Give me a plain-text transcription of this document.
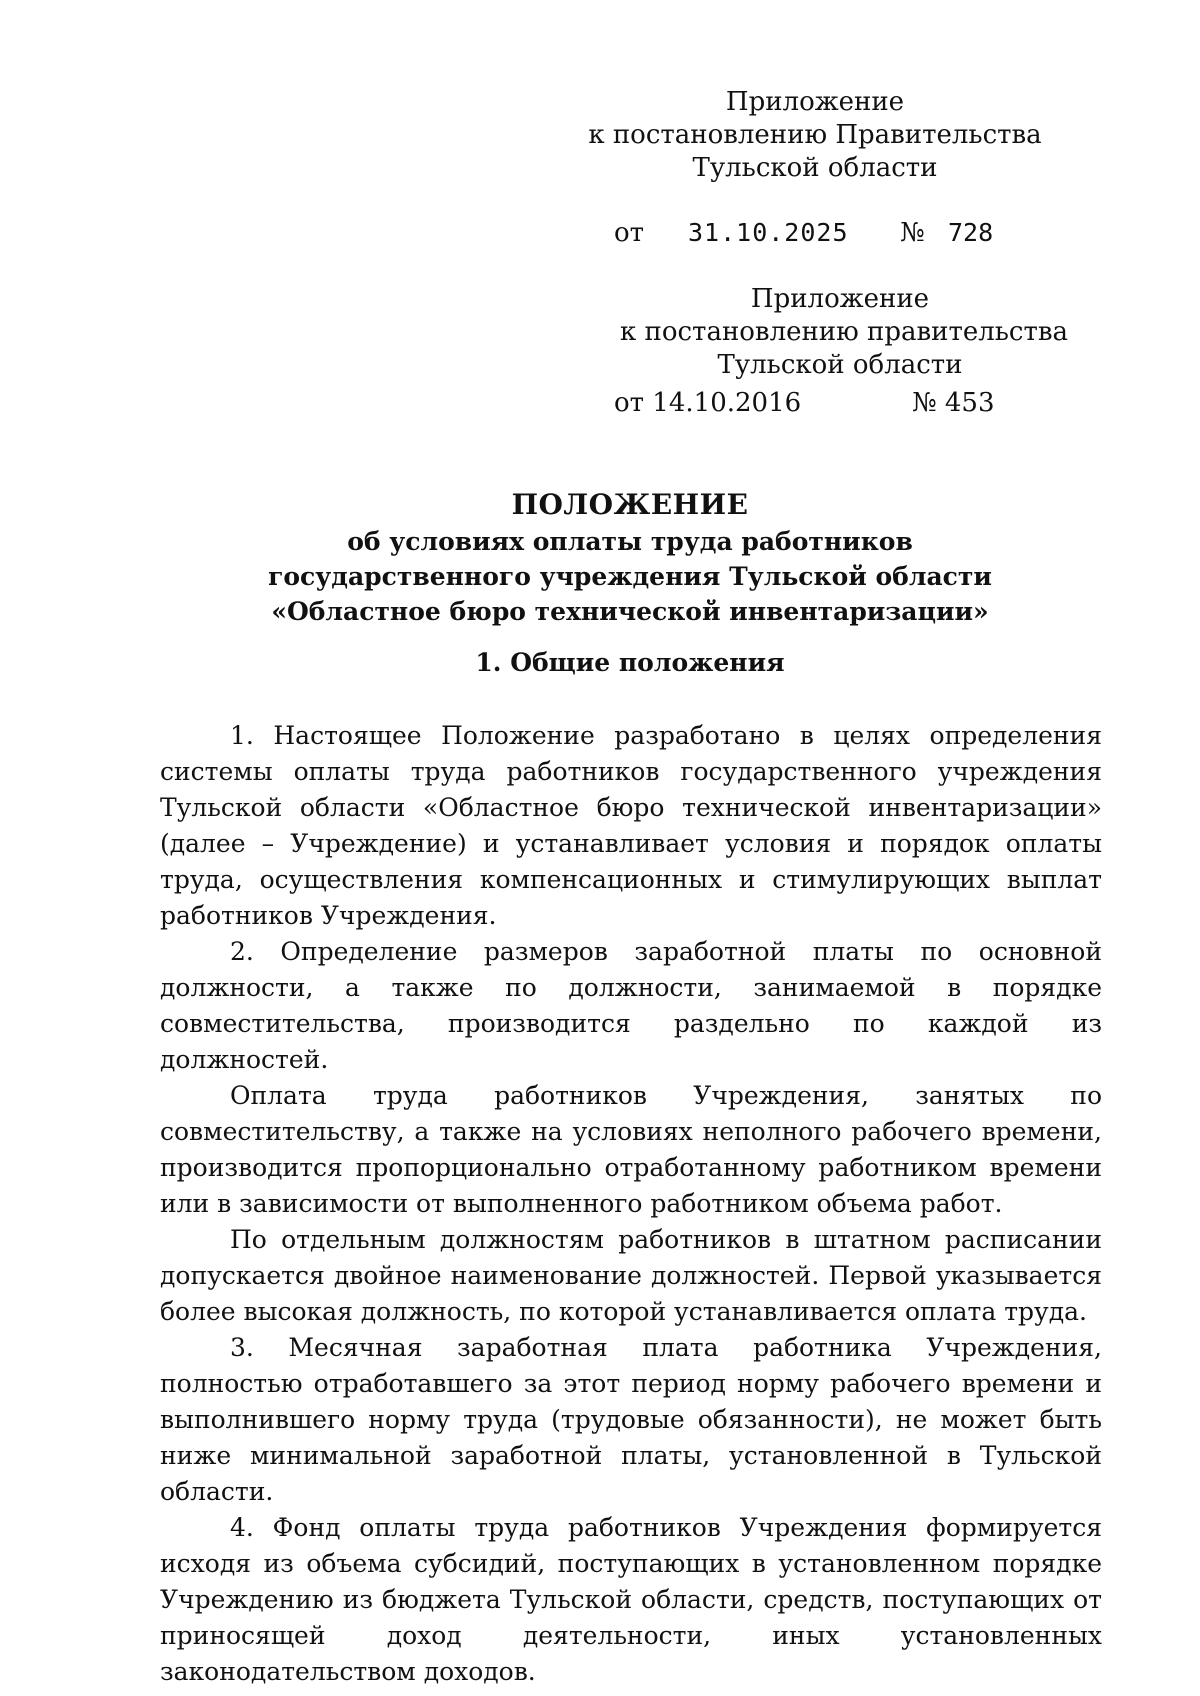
Приложение
к постановлению Правительства
Тульской области
от 31.10.2025 № 728
Приложение
к постановлению правительства
Тульской области
от 14.10.2016	№ 453
ПОЛОЖЕНИЕ
об условиях оплаты труда работников
государственного учреждения Тульской области
«Областное бюро технической инвентаризации»
1. Общие положения

1. Настоящее Положение разработано в целях определения системы оплаты труда работников государственного учреждения Тульской области «Областное бюро технической инвентаризации» (далее – Учреждение) и устанавливает условия и порядок оплаты труда, осуществления компенсационных и стимулирующих выплат работников Учреждения.

2. Определение размеров заработной платы по основной должности, а также по должности, занимаемой в порядке совместительства, производится раздельно по каждой из должностей.

Оплата труда работников Учреждения, занятых по совместительству, а также на условиях неполного рабочего времени, производится пропорционально отработанному работником времени или в зависимости от выполненного работником объема работ.

По отдельным должностям работников в штатном расписании допускается двойное наименование должностей. Первой указывается более высокая должность, по которой устанавливается оплата труда.

3. Месячная заработная плата работника Учреждения, полностью отработавшего за этот период норму рабочего времени и выполнившего норму труда (трудовые обязанности), не может быть ниже минимальной заработной платы, установленной в Тульской области.

4. Фонд оплаты труда работников Учреждения формируется исходя из объема субсидий, поступающих в установленном порядке Учреждению из бюджета Тульской области, средств, поступающих от приносящей доход деятельности, иных установленных законодательством доходов.
